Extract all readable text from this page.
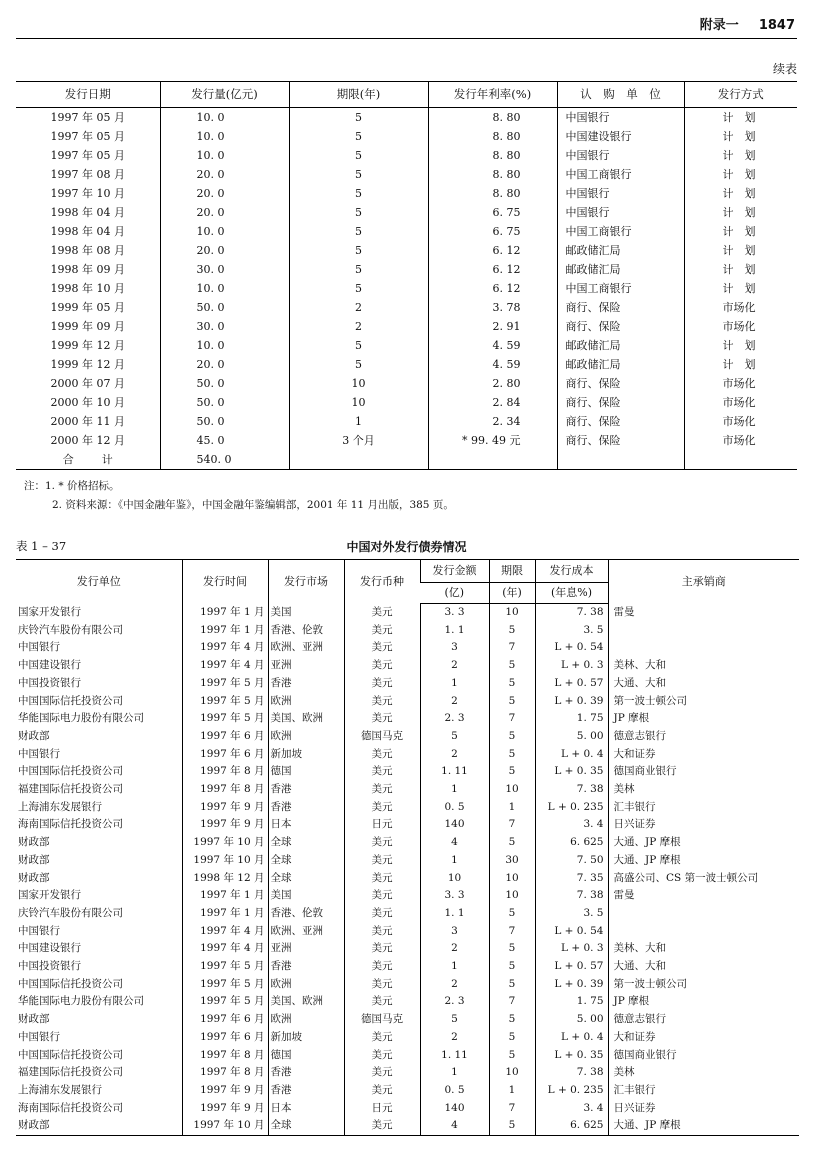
附录一 1847
续表
发行日期	发行量(亿元)	期限(年)	发行年利率(%)	认　购　单　位	发行方式
1997 年 05 月	10. 0	5	8. 80	中国银行	计　划
1997 年 05 月	10. 0	5	8. 80	中国建设银行	计　划
1997 年 05 月	10. 0	5	8. 80	中国银行	计　划
1997 年 08 月	20. 0	5	8. 80	中国工商银行	计　划
1997 年 10 月	20. 0	5	8. 80	中国银行	计　划
1998 年 04 月	20. 0	5	6. 75	中国银行	计　划
1998 年 04 月	10. 0	5	6. 75	中国工商银行	计　划
1998 年 08 月	20. 0	5	6. 12	邮政储汇局	计　划
1998 年 09 月	30. 0	5	6. 12	邮政储汇局	计　划
1998 年 10 月	10. 0	5	6. 12	中国工商银行	计　划
1999 年 05 月	50. 0	2	3. 78	商行、保险	市场化
1999 年 09 月	30. 0	2	2. 91	商行、保险	市场化
1999 年 12 月	10. 0	5	4. 59	邮政储汇局	计　划
1999 年 12 月	20. 0	5	4. 59	邮政储汇局	计　划
2000 年 07 月	50. 0	10	2. 80	商行、保险	市场化
2000 年 10 月	50. 0	10	2. 84	商行、保险	市场化
2000 年 11 月	50. 0	1	2. 34	商行、保险	市场化
2000 年 12 月	45. 0	3 个月	* 99. 49 元	商行、保险	市场化
合计	540. 0				
注：1. * 价格招标。
2. 资料来源：《中国金融年鉴》，中国金融年鉴编辑部，2001 年 11 月出版，385 页。
表 1 – 37	中国对外发行债券情况
发行单位	发行时间	发行市场	发行币种	发行金额	期限	发行成本	主承销商
				(亿)	(年)	(年息%)	
国家开发银行	1997 年 1 月	美国	美元	3. 3	10	7. 38	雷曼
庆铃汽车股份有限公司	1997 年 1 月	香港、伦敦	美元	1. 1	5	3. 5	
中国银行	1997 年 4 月	欧洲、亚洲	美元	3	7	L + 0. 54	
中国建设银行	1997 年 4 月	亚洲	美元	2	5	L + 0. 3	美林、大和
中国投资银行	1997 年 5 月	香港	美元	1	5	L + 0. 57	大通、大和
中国国际信托投资公司	1997 年 5 月	欧洲	美元	2	5	L + 0. 39	第一波士顿公司
华能国际电力股份有限公司	1997 年 5 月	美国、欧洲	美元	2. 3	7	1. 75	JP 摩根
财政部	1997 年 6 月	欧洲	德国马克	5	5	5. 00	德意志银行
中国银行	1997 年 6 月	新加坡	美元	2	5	L + 0. 4	大和证券
中国国际信托投资公司	1997 年 8 月	德国	美元	1. 11	5	L + 0. 35	德国商业银行
福建国际信托投资公司	1997 年 8 月	香港	美元	1	10	7. 38	美林
上海浦东发展银行	1997 年 9 月	香港	美元	0. 5	1	L + 0. 235	汇丰银行
海南国际信托投资公司	1997 年 9 月	日本	日元	140	7	3. 4	日兴证券
财政部	1997 年 10 月	全球	美元	4	5	6. 625	大通、JP 摩根
财政部	1997 年 10 月	全球	美元	1	30	7. 50	大通、JP 摩根
财政部	1998 年 12 月	全球	美元	10	10	7. 35	高盛公司、CS 第一波士顿公司
国家开发银行	1997 年 1 月	美国	美元	3. 3	10	7. 38	雷曼
庆铃汽车股份有限公司	1997 年 1 月	香港、伦敦	美元	1. 1	5	3. 5	
中国银行	1997 年 4 月	欧洲、亚洲	美元	3	7	L + 0. 54	
中国建设银行	1997 年 4 月	亚洲	美元	2	5	L + 0. 3	美林、大和
中国投资银行	1997 年 5 月	香港	美元	1	5	L + 0. 57	大通、大和
中国国际信托投资公司	1997 年 5 月	欧洲	美元	2	5	L + 0. 39	第一波士顿公司
华能国际电力股份有限公司	1997 年 5 月	美国、欧洲	美元	2. 3	7	1. 75	JP 摩根
财政部	1997 年 6 月	欧洲	德国马克	5	5	5. 00	德意志银行
中国银行	1997 年 6 月	新加坡	美元	2	5	L + 0. 4	大和证券
中国国际信托投资公司	1997 年 8 月	德国	美元	1. 11	5	L + 0. 35	德国商业银行
福建国际信托投资公司	1997 年 8 月	香港	美元	1	10	7. 38	美林
上海浦东发展银行	1997 年 9 月	香港	美元	0. 5	1	L + 0. 235	汇丰银行
海南国际信托投资公司	1997 年 9 月	日本	日元	140	7	3. 4	日兴证券
财政部	1997 年 10 月	全球	美元	4	5	6. 625	大通、JP 摩根
